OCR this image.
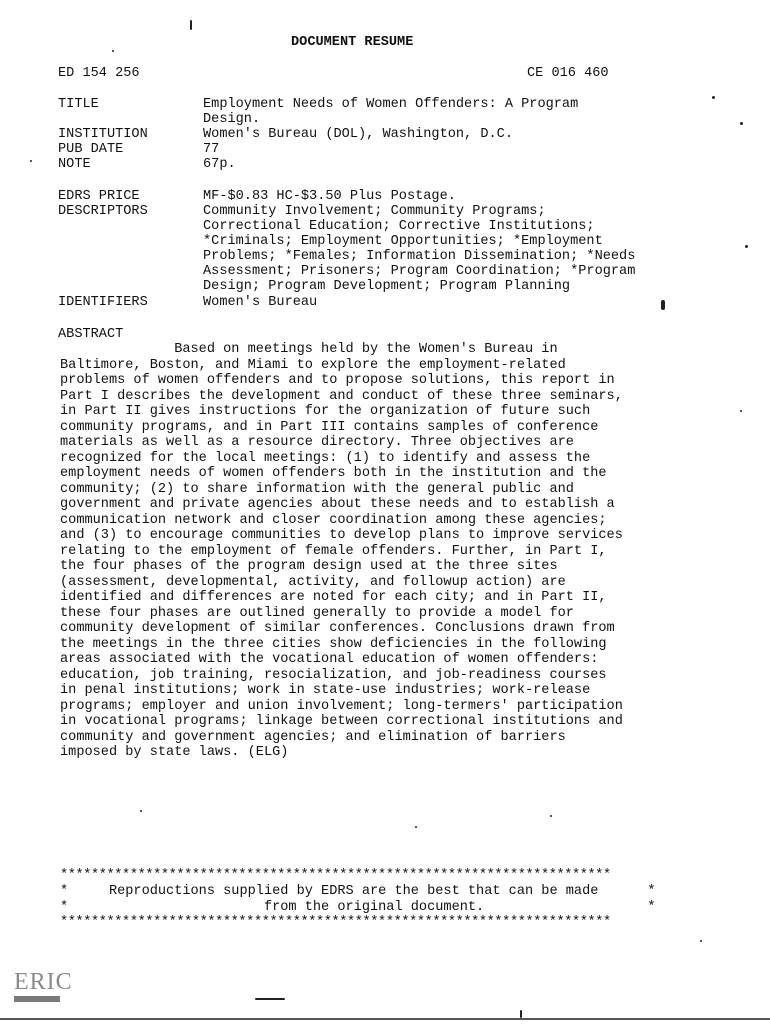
DOCUMENT RESUME
ED 154 256	CE 016 460
TITLE	Employment Needs of Women Offenders: A Program
Design.
INSTITUTION	Women's Bureau (DOL), Washington, D.C.
PUB DATE	77
NOTE	67p.
EDRS PRICE	MF-$0.83 HC-$3.50 Plus Postage.
DESCRIPTORS	Community Involvement; Community Programs;
Correctional Education; Corrective Institutions;
*Criminals; Employment Opportunities; *Employment
Problems; *Females; Information Dissemination; *Needs
Assessment; Prisoners; Program Coordination; *Program
Design; Program Development; Program Planning
IDENTIFIERS	Women's Bureau
ABSTRACT
Based on meetings held by the Women's Bureau in
Baltimore, Boston, and Miami to explore the employment-related
problems of women offenders and to propose solutions, this report in
Part I describes the development and conduct of these three seminars,
in Part II gives instructions for the organization of future such
community programs, and in Part III contains samples of conference
materials as well as a resource directory. Three objectives are
recognized for the local meetings: (1) to identify and assess the
employment needs of women offenders both in the institution and the
community; (2) to share information with the general public and
government and private agencies about these needs and to establish a
communication network and closer coordination among these agencies;
and (3) to encourage communities to develop plans to improve services
relating to the employment of female offenders. Further, in Part I,
the four phases of the program design used at the three sites
(assessment, developmental, activity, and followup action) are
identified and differences are noted for each city; and in Part II,
these four phases are outlined generally to provide a model for
community development of similar conferences. Conclusions drawn from
the meetings in the three cities show deficiencies in the following
areas associated with the vocational education of women offenders:
education, job training, resocialization, and job-readiness courses
in penal institutions; work in state-use industries; work-release
programs; employer and union involvement; long-termers' participation
in vocational programs; linkage between correctional institutions and
community and government agencies; and elimination of barriers
imposed by state laws. (ELG)
***********************************************************************
*     Reproductions supplied by EDRS are the best that can be made      *
*                        from the original document.                    *
***********************************************************************
ERIC
